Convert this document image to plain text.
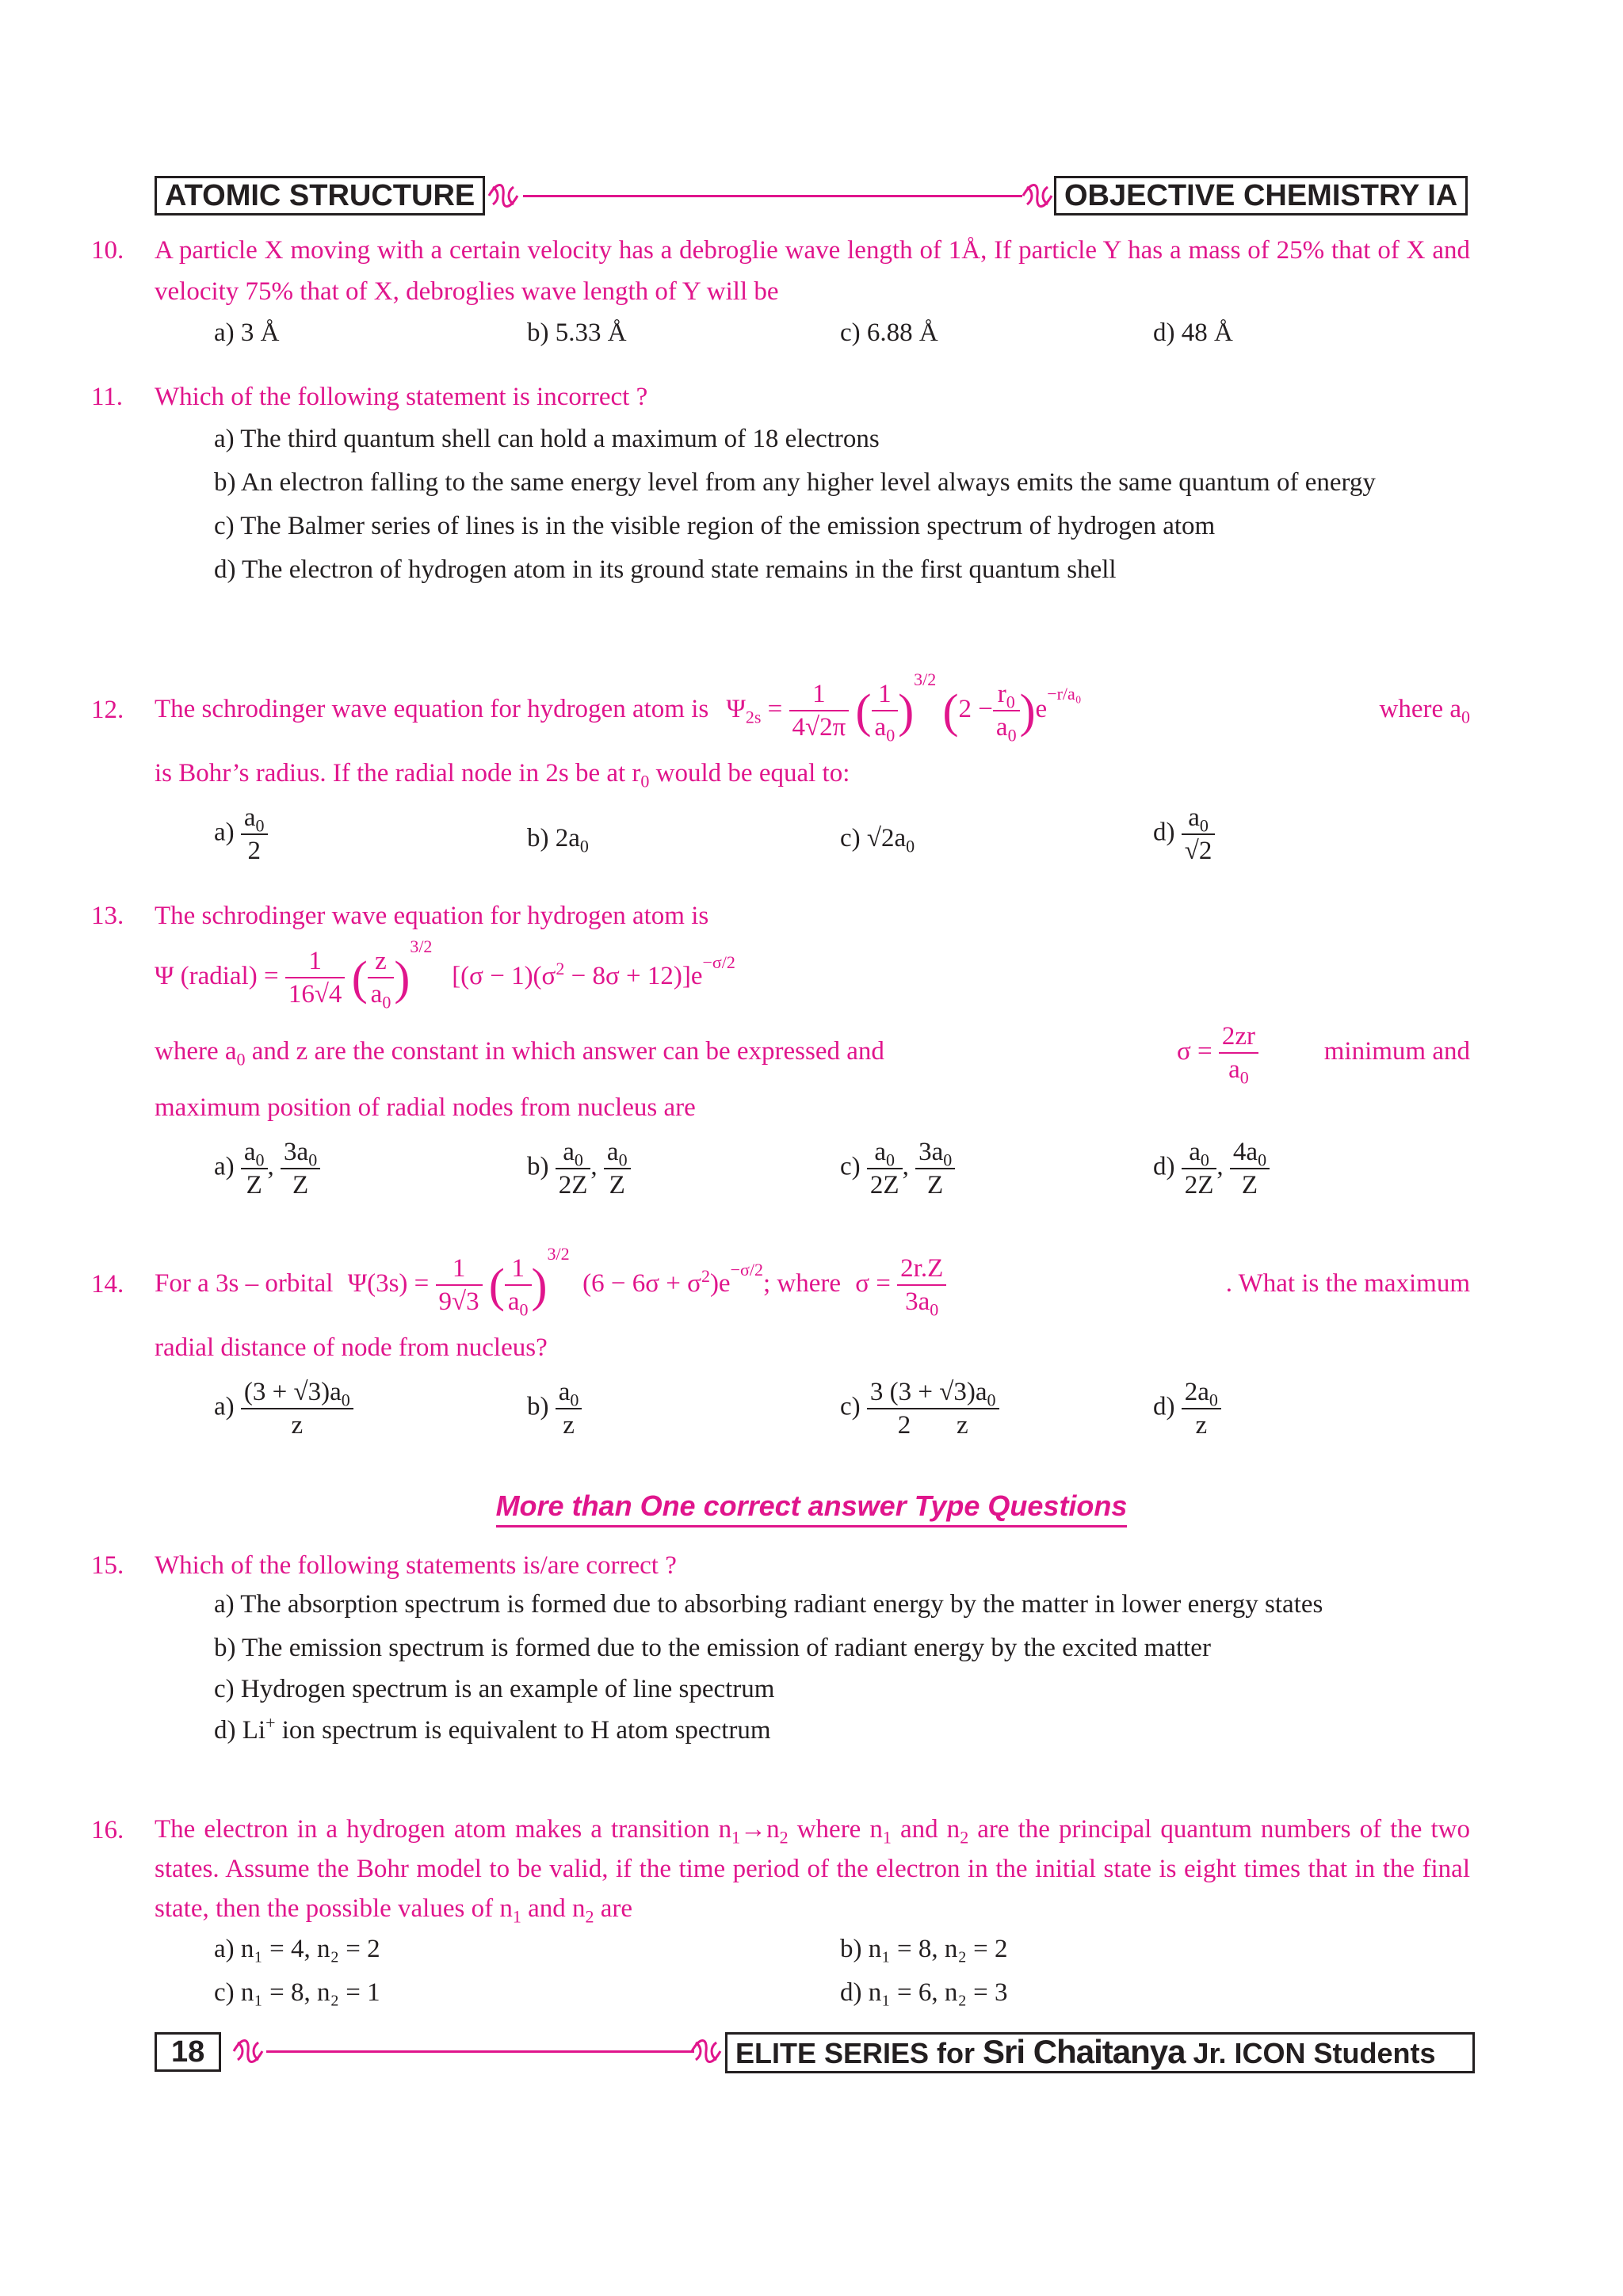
ATOMIC STRUCTURE	OBJECTIVE CHEMISTRY IA
10. A particle X moving with a certain velocity has a debroglie wave length of 1Å, If particle Y has a mass of 25% that of X and velocity 75% that of X, debroglies wave length of Y will be
a) 3 Å	b) 5.33 Å	c) 6.88 Å	d) 48 Å
11. Which of the following statement is incorrect ?
a) The third quantum shell can hold a maximum of 18 electrons
b) An electron falling to the same energy level from any higher level always emits the same quantum of energy
c) The Balmer series of lines is in the visible region of the emission spectrum of hydrogen atom
d) The electron of hydrogen atom in its ground state remains in the first quantum shell
12. The schrodinger wave equation for hydrogen atom is $\Psi_{2s} = \frac{1}{4√2\pi}$ ( $\frac{1}{a_0} )^{3/2}$ $(2 - \frac{r_0}{a_0} )e^{-r/a_0}$
where $a_0$
is Bohr’s radius. If the radial node in 2s be at $r_0$ would be equal to:
$a) \frac{a_0}{2}$	b) $2a_0$	c) $√2a_0$	$d) \frac{a_0}{√2}$
13. The schrodinger wave equation for hydrogen atom is
Ψ (radial) = $\frac{1}{16√4}$ ( $\frac{z}{a_0} )^{3/2}$   $[(\sigma - 1)(\sigma^2 - 8\sigma + 12)]e^{-\sigma/2}$
where $a_0$ and z are the constant in which answer can be expressed and	$\sigma = \frac{2zr}{a_0}$	minimum and
maximum position of radial nodes from nucleus are
$a) \frac{a_0}{Z}$ , $\frac{3a_0}{Z}$	$b) \frac{a_0}{2Z}$ , $\frac{a_0}{Z}$	$c) \frac{a_0}{2Z}$ , $\frac{3a_0}{Z}$	$d) \frac{a_0}{2Z}$ , $\frac{4a_0}{Z}$
14. For a 3s – orbital $\Psi(3s) = \frac{1}{9√3}$ ( $\frac{1}{a_0} )^{3/2}$  $(6 - 6\sigma + \sigma^2)e^{-\sigma/2}$; where $\sigma = \frac{2r.Z}{3a_0}$	. What is the maximum
radial distance of node from nucleus?
$a) \frac{(3 + √3)a_0}{z}$	$b) \frac{a_0}{z}$	$c) \frac{3 (3 + √3)a_0}{2 z}$	$d) \frac{2a_0}{z}$
More than One correct answer Type Questions
15. Which of the following statements is/are correct ?
a) The absorption spectrum is formed due to absorbing radiant energy by the matter in lower energy states
b) The emission spectrum is formed due to the emission of radiant energy by the excited matter
c) Hydrogen spectrum is an example of line spectrum
d) Li+ ion spectrum is equivalent to H atom spectrum
16. The electron in a hydrogen atom makes a transition $n_1\to n_2$ where $n_1$ and $n_2$ are the principal quantum numbers of the two states. Assume the Bohr model to be valid, if the time period of the electron in the initial state is eight times that in the final state, then the possible values of $n_1$ and $n_2$ are
a) n₁ = 4, n₂ = 2	b) n₁ = 8, n₂ = 2
c) n₁ = 8, n₂ = 1	d) n₁ = 6, n₂ = 3
18	ELITE SERIES for Sri Chaitanya Jr. ICON Students
